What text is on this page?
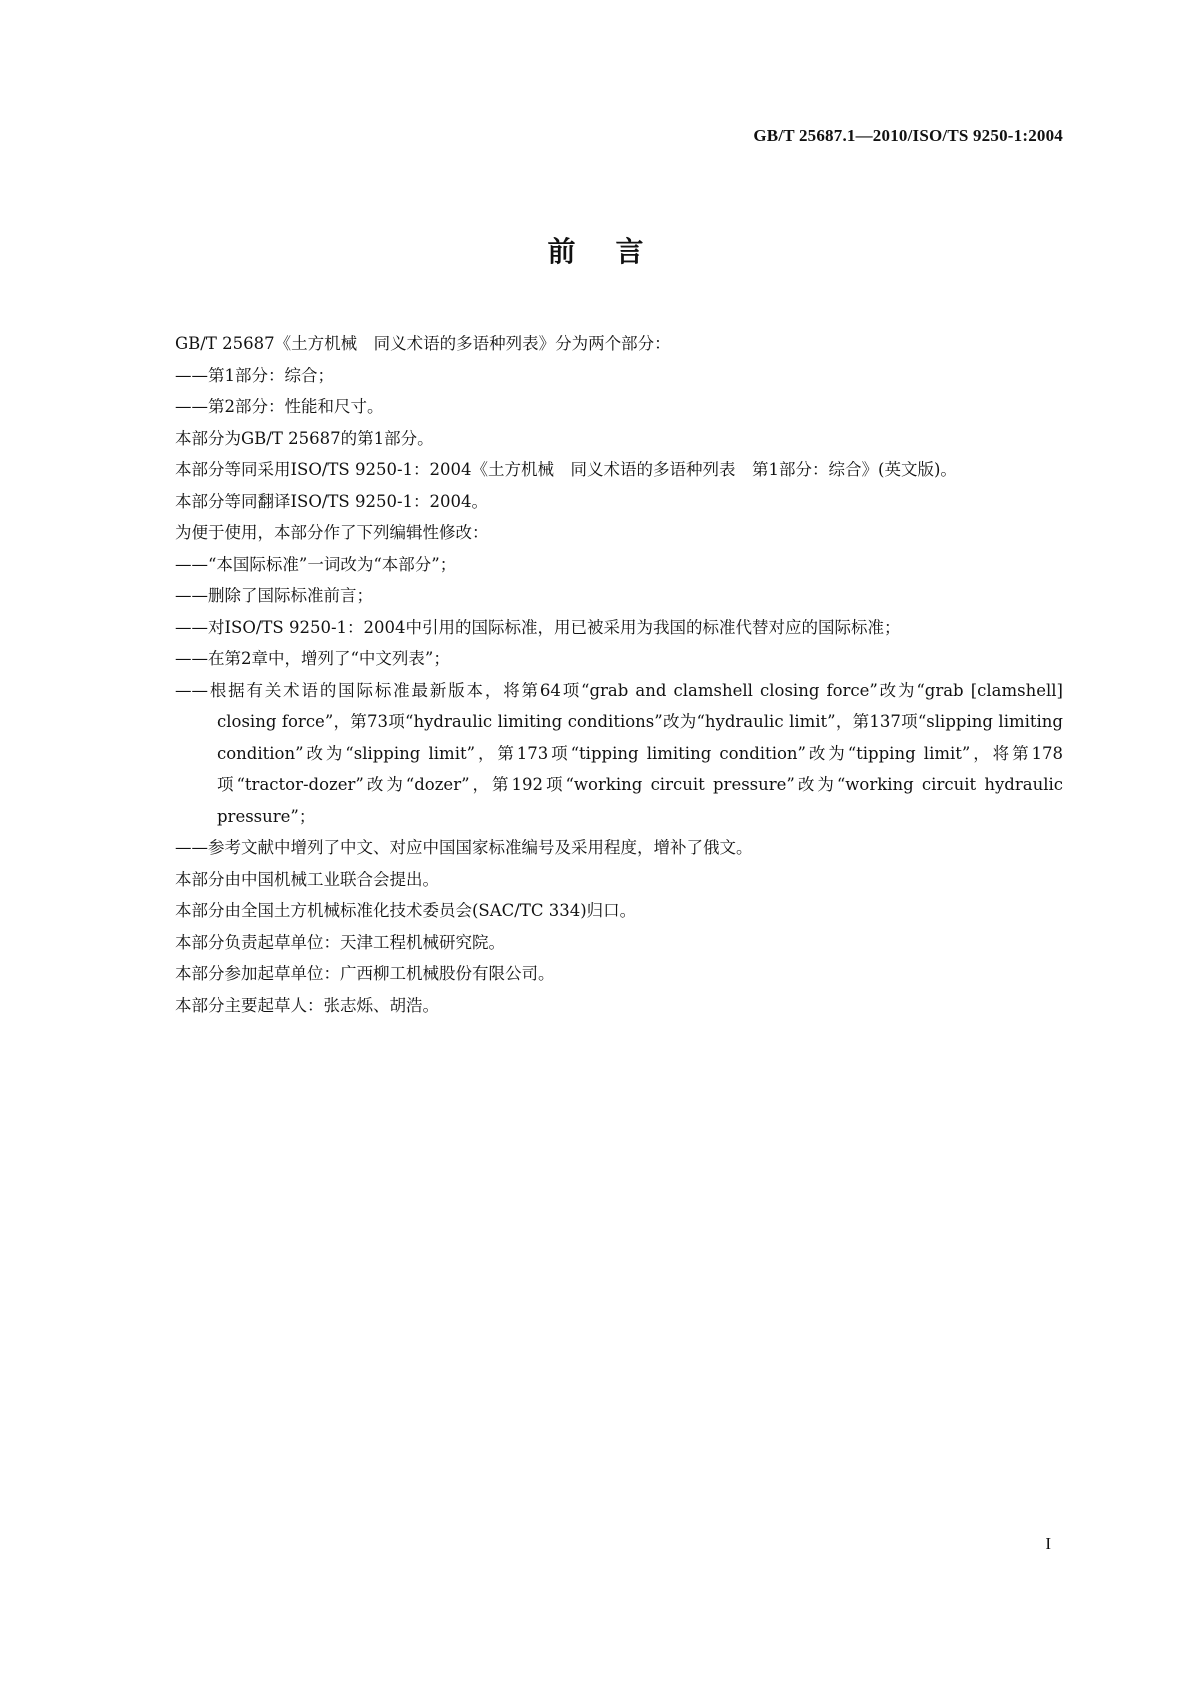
GB/T 25687.1—2010/ISO/TS 9250-1:2004
前言

GB/T 25687《土方机械　同义术语的多语种列表》分为两个部分：

——第1部分：综合；

——第2部分：性能和尺寸。

本部分为GB/T 25687的第1部分。

本部分等同采用ISO/TS 9250-1：2004《土方机械　同义术语的多语种列表　第1部分：综合》(英文版)。

本部分等同翻译ISO/TS 9250-1：2004。

为便于使用，本部分作了下列编辑性修改：

——“本国际标准”一词改为“本部分”；

——删除了国际标准前言；

——对ISO/TS 9250-1：2004中引用的国际标准，用已被采用为我国的标准代替对应的国际标准；

——在第2章中，增列了“中文列表”；

——根据有关术语的国际标准最新版本，将第64项“grab and clamshell closing force”改为“grab [clamshell] closing force”，第73项“hydraulic limiting conditions”改为“hydraulic limit”，第137项“slipping limiting condition”改为“slipping limit”，第173项“tipping limiting condition”改为“tipping limit”，将第178项“tractor-dozer”改为“dozer”，第192项“working circuit pressure”改为“working circuit hydraulic pressure”；

——参考文献中增列了中文、对应中国国家标准编号及采用程度，增补了俄文。

本部分由中国机械工业联合会提出。

本部分由全国土方机械标准化技术委员会(SAC/TC 334)归口。

本部分负责起草单位：天津工程机械研究院。

本部分参加起草单位：广西柳工机械股份有限公司。

本部分主要起草人：张志烁、胡浩。

I
